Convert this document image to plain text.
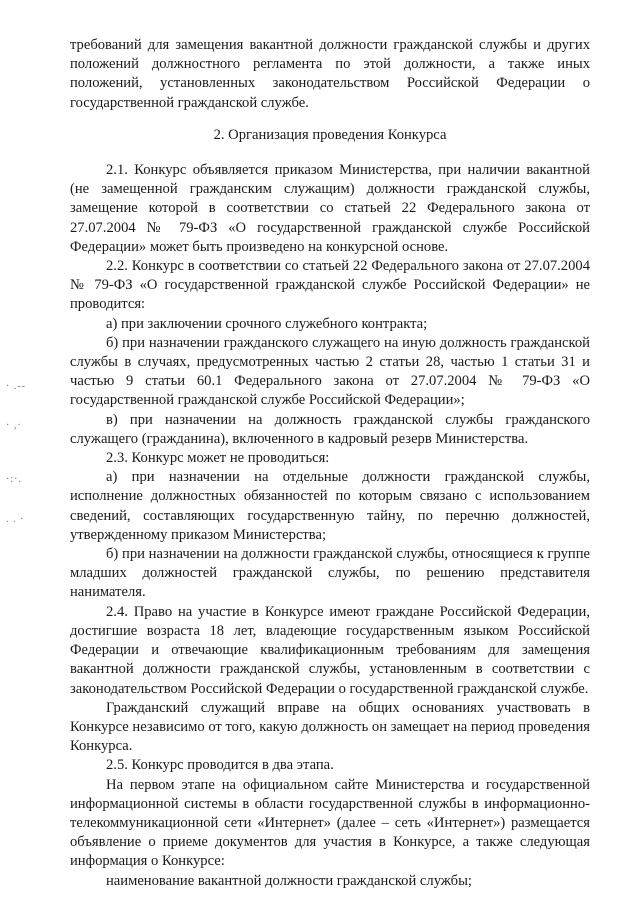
· .--
· ,·
·:·.
. . ·

требований для замещения вакантной должности гражданской службы и других положений должностного регламента по этой должности, а также иных положений, установленных законодательством Российской Федерации о государственной гражданской службе.

2. Организация проведения Конкурса

2.1. Конкурс объявляется приказом Министерства, при наличии вакантной (не замещенной гражданским служащим) должности гражданской службы, замещение которой в соответствии со статьей 22 Федерального закона от 27.07.2004 № 79-ФЗ «О государственной гражданской службе Российской Федерации» может быть произведено на конкурсной основе.

2.2. Конкурс в соответствии со статьей 22 Федерального закона от 27.07.2004 № 79-ФЗ «О государственной гражданской службе Российской Федерации» не проводится:

а) при заключении срочного служебного контракта;

б) при назначении гражданского служащего на иную должность гражданской службы в случаях, предусмотренных частью 2 статьи 28, частью 1 статьи 31 и частью 9 статьи 60.1 Федерального закона от 27.07.2004 № 79-ФЗ «О государственной гражданской службе Российской Федерации»;

в) при назначении на должность гражданской службы гражданского служащего (гражданина), включенного в кадровый резерв Министерства.

2.3. Конкурс может не проводиться:

а) при назначении на отдельные должности гражданской службы, исполнение должностных обязанностей по которым связано с использованием сведений, составляющих государственную тайну, по перечню должностей, утвержденному приказом Министерства;

б) при назначении на должности гражданской службы, относящиеся к группе младших должностей гражданской службы, по решению представителя нанимателя.

2.4. Право на участие в Конкурсе имеют граждане Российской Федерации, достигшие возраста 18 лет, владеющие государственным языком Российской Федерации и отвечающие квалификационным требованиям для замещения вакантной должности гражданской службы, установленным в соответствии с законодательством Российской Федерации о государственной гражданской службе.

Гражданский служащий вправе на общих основаниях участвовать в Конкурсе независимо от того, какую должность он замещает на период проведения Конкурса.

2.5. Конкурс проводится в два этапа.

На первом этапе на официальном сайте Министерства и государственной информационной системы в области государственной службы в информационно-телекоммуникационной сети «Интернет» (далее – сеть «Интернет») размещается объявление о приеме документов для участия в Конкурсе, а также следующая информация о Конкурсе:

наименование вакантной должности гражданской службы;
